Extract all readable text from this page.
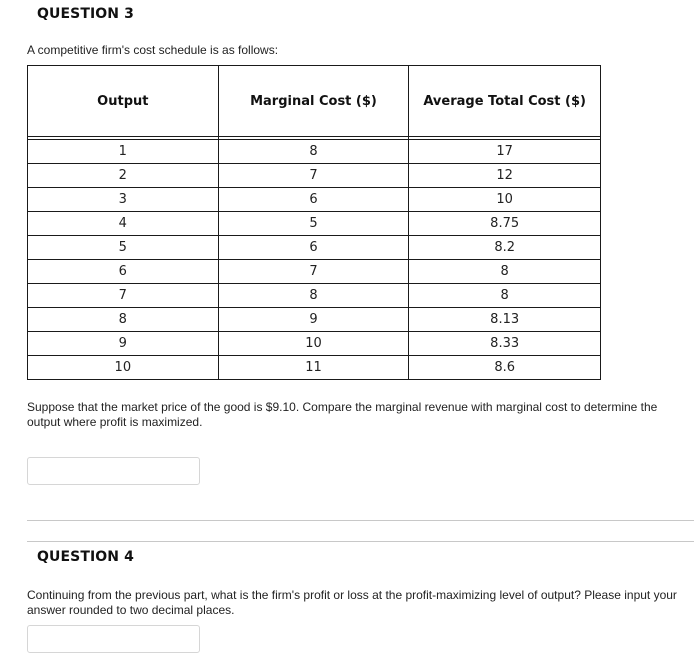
QUESTION 3
A competitive firm's cost schedule is as follows:
Output	Marginal Cost ($)	Average Total Cost ($)

1	8	17
2	7	12
3	6	10
4	5	8.75
5	6	8.2
6	7	8
7	8	8
8	9	8.13
9	10	8.33
10	11	8.6
Suppose that the market price of the good is $9.10. Compare the marginal revenue with marginal cost to determine the output where profit is maximized.
QUESTION 4
Continuing from the previous part, what is the firm's profit or loss at the profit-maximizing level of output? Please input your answer rounded to two decimal places.
